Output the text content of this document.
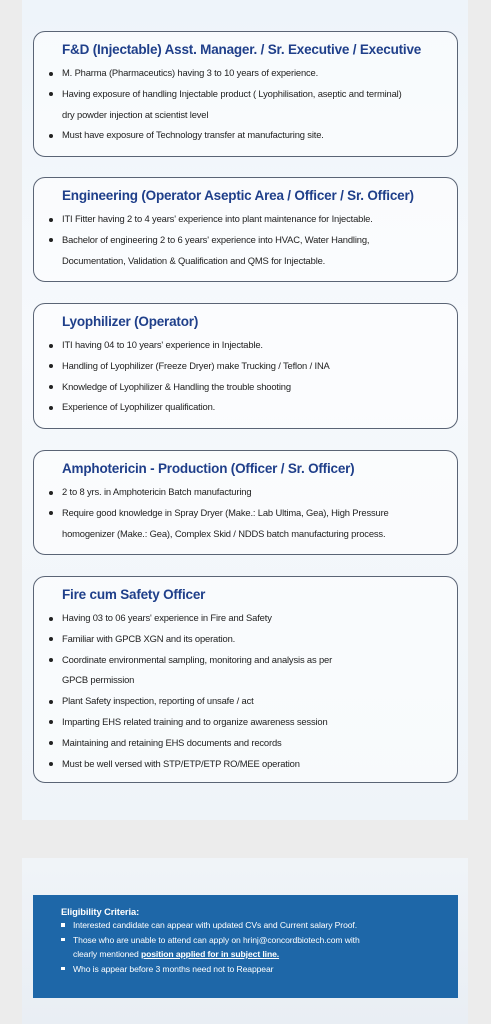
F&D (Injectable) Asst. Manager. / Sr. Executive / Executive
M. Pharma (Pharmaceutics) having 3 to 10 years of experience.
Having exposure of handling Injectable product ( Lyophilisation, aseptic and terminal)
dry powder injection at scientist level
Must have exposure of Technology transfer at manufacturing site.
Engineering (Operator Aseptic Area / Officer / Sr. Officer)
ITI Fitter having 2 to 4 years' experience into plant maintenance for Injectable.
Bachelor of engineering 2 to 6 years' experience into HVAC, Water Handling,
Documentation, Validation & Qualification and QMS for Injectable.
Lyophilizer (Operator)
ITI having 04 to 10 years' experience in Injectable.
Handling of Lyophilizer (Freeze Dryer) make Trucking / Teflon / INA
Knowledge of Lyophilizer & Handling the trouble shooting
Experience of Lyophilizer qualification.
Amphotericin - Production (Officer / Sr. Officer)
2 to 8 yrs. in Amphotericin Batch manufacturing
Require good knowledge in Spray Dryer (Make.: Lab Ultima, Gea), High Pressure
homogenizer (Make.: Gea), Complex Skid / NDDS batch manufacturing process.
Fire cum Safety Officer
Having 03 to 06 years' experience in Fire and Safety
Familiar with GPCB XGN and its operation.
Coordinate environmental sampling, monitoring and analysis as per
GPCB permission
Plant Safety inspection, reporting of unsafe / act
Imparting EHS related training and to organize awareness session
Maintaining and retaining EHS documents and records
Must be well versed with STP/ETP/ETP RO/MEE operation
Eligibility Criteria:
Interested candidate can appear with updated CVs and Current salary Proof.
Those who are unable to attend can apply on hrinj@concordbiotech.com with
clearly mentioned position applied for in subject line.
Who is appear before 3 months need not to Reappear
